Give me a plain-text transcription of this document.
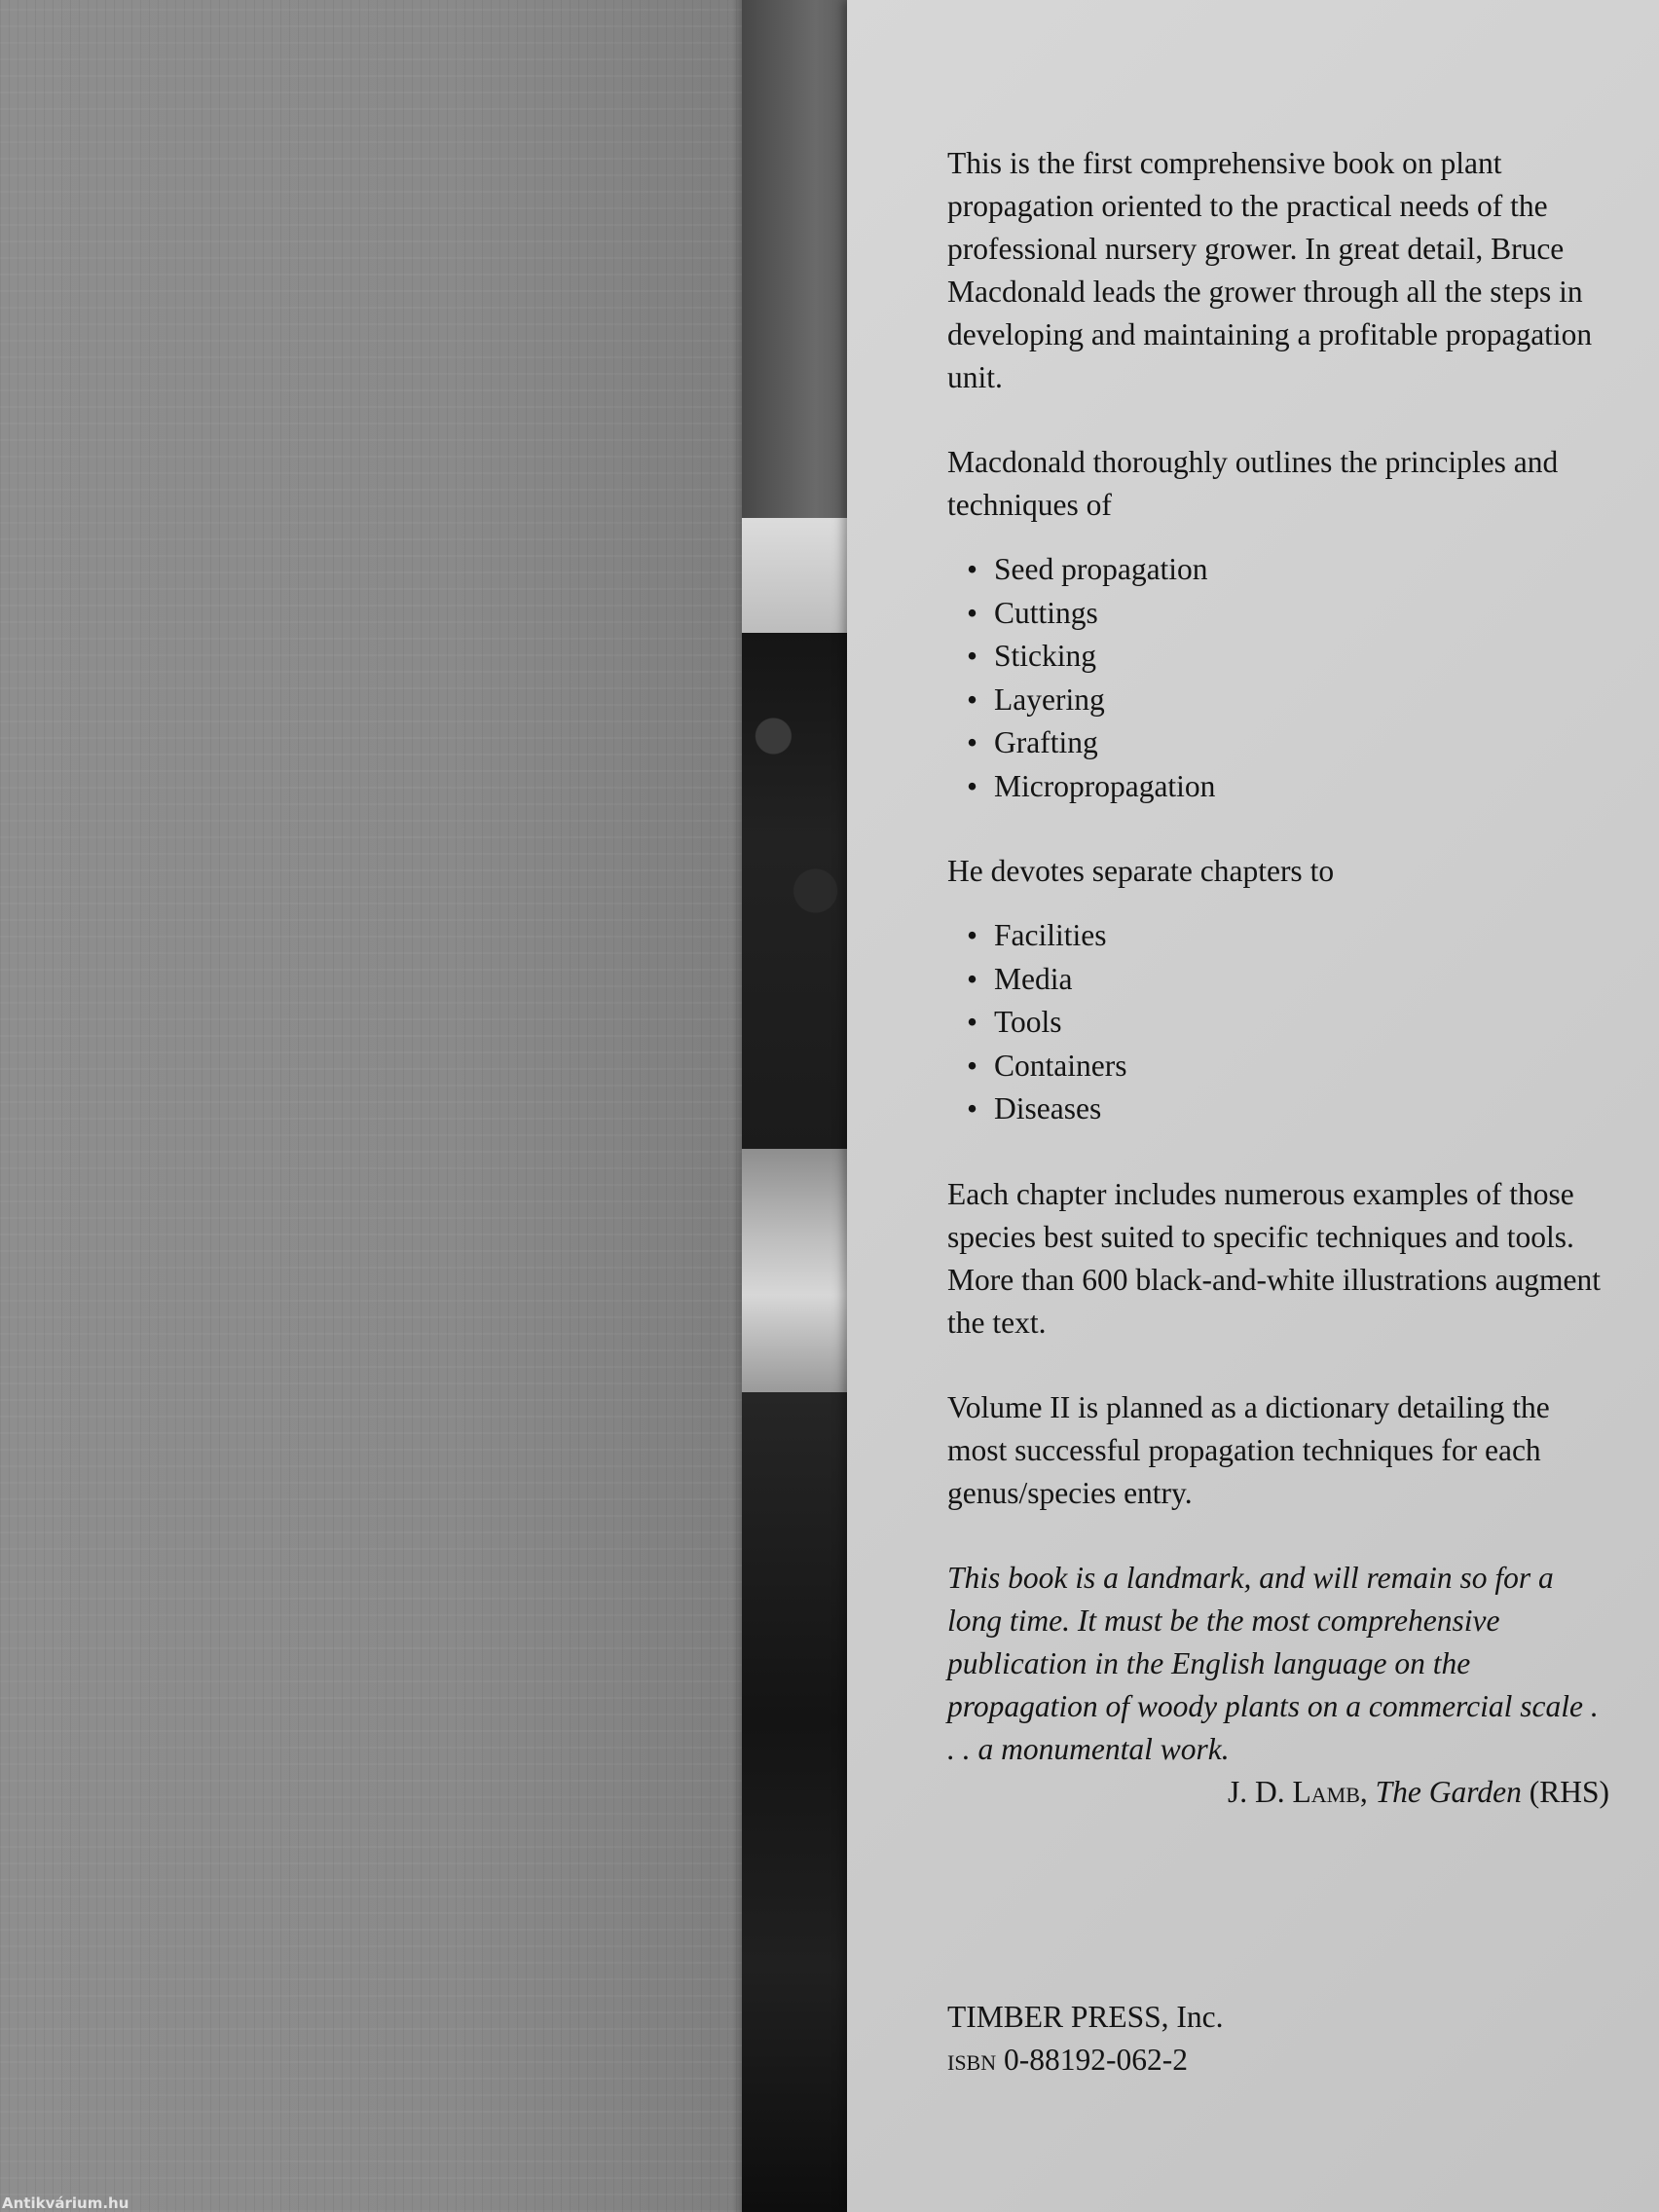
This is the first comprehensive book on plant propagation oriented to the practical needs of the professional nursery grower. In great detail, Bruce Macdonald leads the grower through all the steps in developing and maintaining a profitable propagation unit.

Macdonald thoroughly outlines the principles and techniques of

• Seed propagation
• Cuttings
• Sticking
• Layering
• Grafting
• Micropropagation

He devotes separate chapters to

• Facilities
• Media
• Tools
• Containers
• Diseases

Each chapter includes numerous examples of those species best suited to specific techniques and tools. More than 600 black-and-white illustrations augment the text.

Volume II is planned as a dictionary detailing the most successful propagation techniques for each genus/species entry.

This book is a landmark, and will remain so for a long time. It must be the most comprehensive publication in the English language on the propagation of woody plants on a commercial scale . . . a monumental work.
J. D. Lamb, The Garden (RHS)

TIMBER PRESS, Inc.
isbn 0-88192-062-2
Antikvárium.hu
